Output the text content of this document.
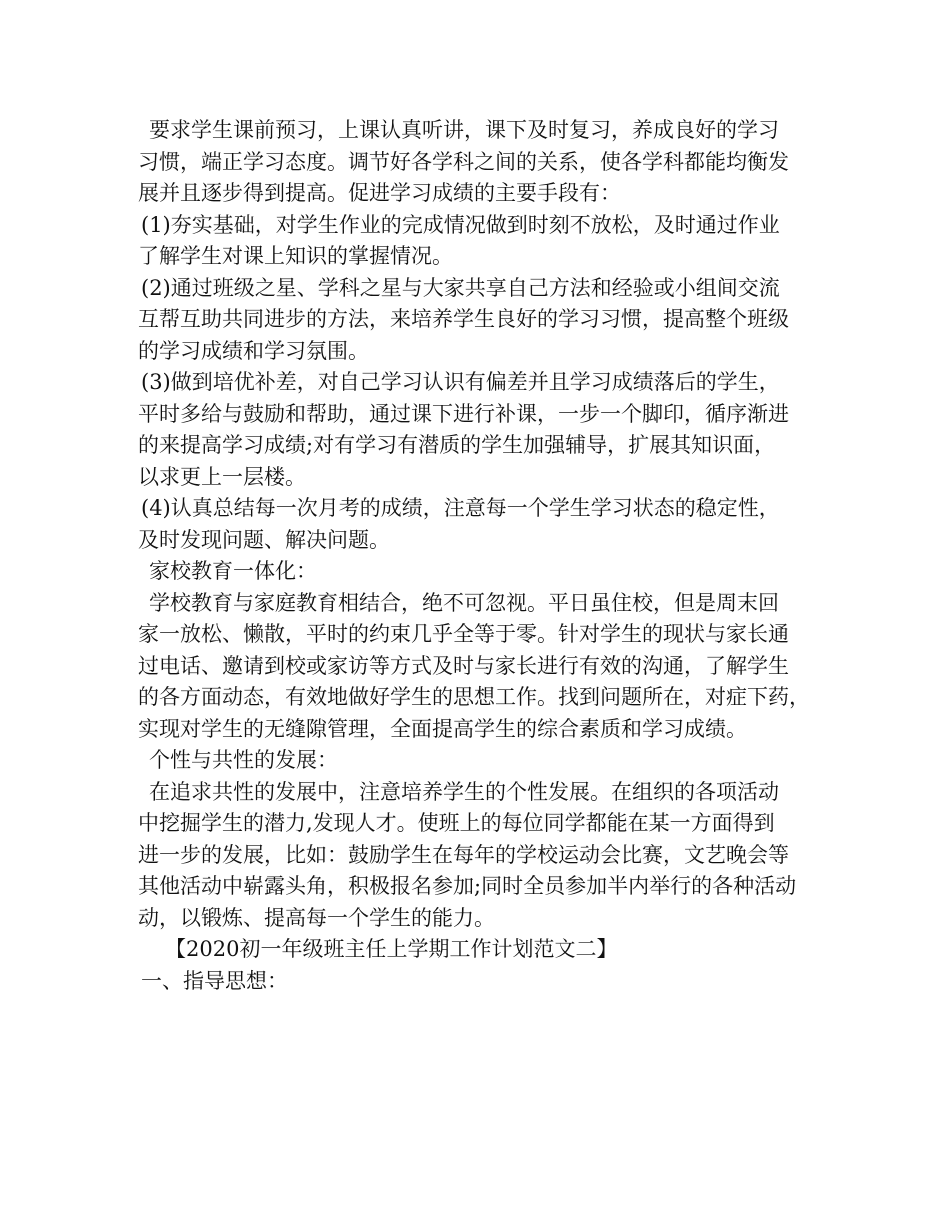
要求学生课前预习，上课认真听讲，课下及时复习，养成良好的学习
习惯，端正学习态度。调节好各学科之间的关系，使各学科都能均衡发
展并且逐步得到提高。促进学习成绩的主要手段有：
(1)夯实基础，对学生作业的完成情况做到时刻不放松，及时通过作业
了解学生对课上知识的掌握情况。
(2)通过班级之星、学科之星与大家共享自己方法和经验或小组间交流
互帮互助共同进步的方法，来培养学生良好的学习习惯，提高整个班级
的学习成绩和学习氛围。
(3)做到培优补差，对自己学习认识有偏差并且学习成绩落后的学生，
平时多给与鼓励和帮助，通过课下进行补课，一步一个脚印，循序渐进
的来提高学习成绩;对有学习有潜质的学生加强辅导，扩展其知识面，
以求更上一层楼。
(4)认真总结每一次月考的成绩，注意每一个学生学习状态的稳定性，
及时发现问题、解决问题。
家校教育一体化：
学校教育与家庭教育相结合，绝不可忽视。平日虽住校，但是周末回
家一放松、懒散，平时的约束几乎全等于零。针对学生的现状与家长通
过电话、邀请到校或家访等方式及时与家长进行有效的沟通，了解学生
的各方面动态，有效地做好学生的思想工作。找到问题所在，对症下药，
实现对学生的无缝隙管理，全面提高学生的综合素质和学习成绩。
个性与共性的发展：
在追求共性的发展中，注意培养学生的个性发展。在组织的各项活动
中挖掘学生的潜力,发现人才。使班上的每位同学都能在某一方面得到
进一步的发展，比如：鼓励学生在每年的学校运动会比赛，文艺晚会等
其他活动中崭露头角，积极报名参加;同时全员参加半内举行的各种活动
动，以锻炼、提高每一个学生的能力。
【2020初一年级班主任上学期工作计划范文二】
一、指导思想：
